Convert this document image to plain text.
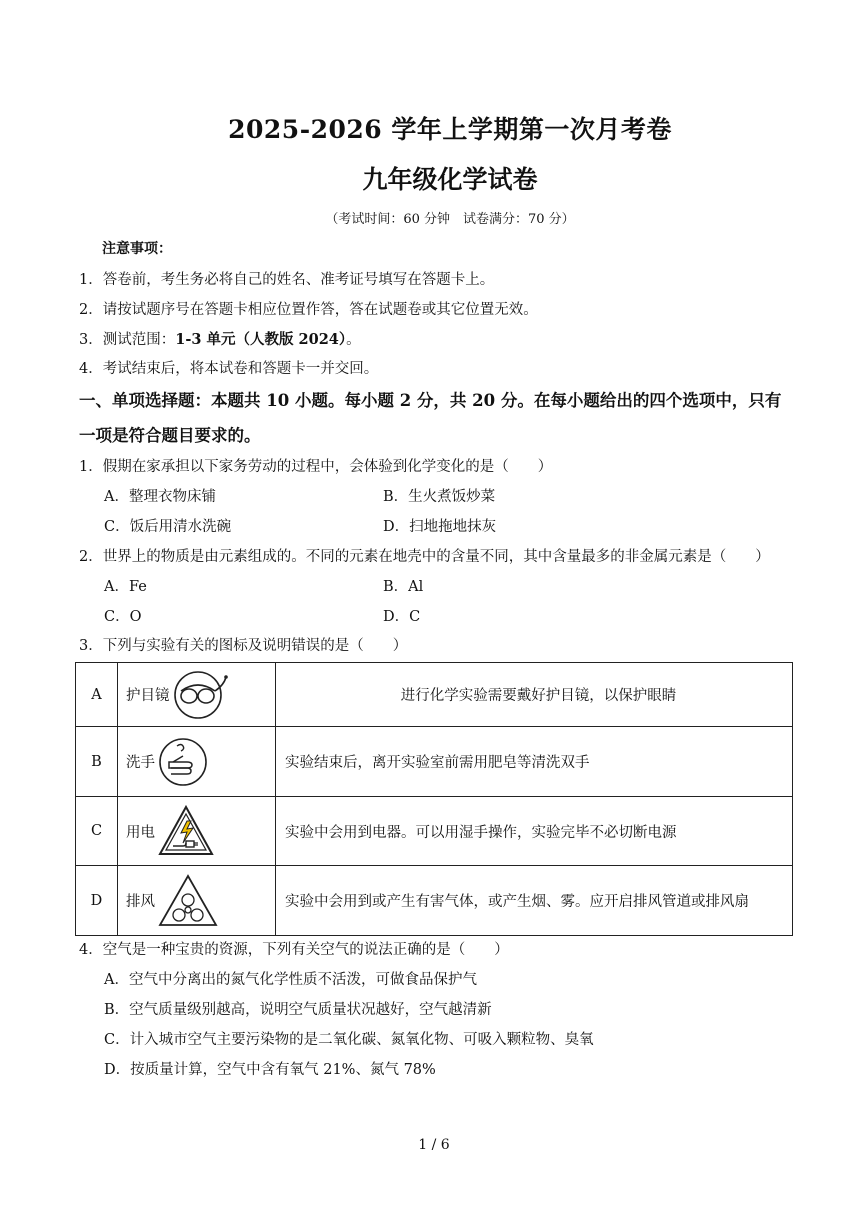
2025-2026 学年上学期第一次月考卷
九年级化学试卷
（考试时间：60 分钟　试卷满分：70 分）
注意事项：
1．答卷前，考生务必将自己的姓名、准考证号填写在答题卡上。
2．请按试题序号在答题卡相应位置作答，答在试题卷或其它位置无效。
3．测试范围：1-3 单元（人教版 2024）。
4．考试结束后，将本试卷和答题卡一并交回。
一、单项选择题：本题共 10 小题。每小题 2 分，共 20 分。在每小题给出的四个选项中，只有
一项是符合题目要求的。
1．假期在家承担以下家务劳动的过程中，会体验到化学变化的是（　　）
A．整理衣物床铺	B．生火煮饭炒菜
C．饭后用清水洗碗	D．扫地拖地抹灰
2．世界上的物质是由元素组成的。不同的元素在地壳中的含量不同，其中含量最多的非金属元素是（　　）
A．Fe	B．Al
C．O	D．C
3．下列与实验有关的图标及说明错误的是（　　）
A	护目镜	进行化学实验需要戴好护目镜，以保护眼睛
B	洗手	实验结束后，离开实验室前需用肥皂等清洗双手
C	用电	实验中会用到电器。可以用湿手操作，实验完毕不必切断电源
D	排风	实验中会用到或产生有害气体，或产生烟、雾。应开启排风管道或排风扇
4．空气是一种宝贵的资源，下列有关空气的说法正确的是（　　）
A．空气中分离出的氮气化学性质不活泼，可做食品保护气
B．空气质量级别越高，说明空气质量状况越好，空气越清新
C．计入城市空气主要污染物的是二氧化碳、氮氧化物、可吸入颗粒物、臭氧
D．按质量计算，空气中含有氧气 21%、氮气 78%
1 / 6
